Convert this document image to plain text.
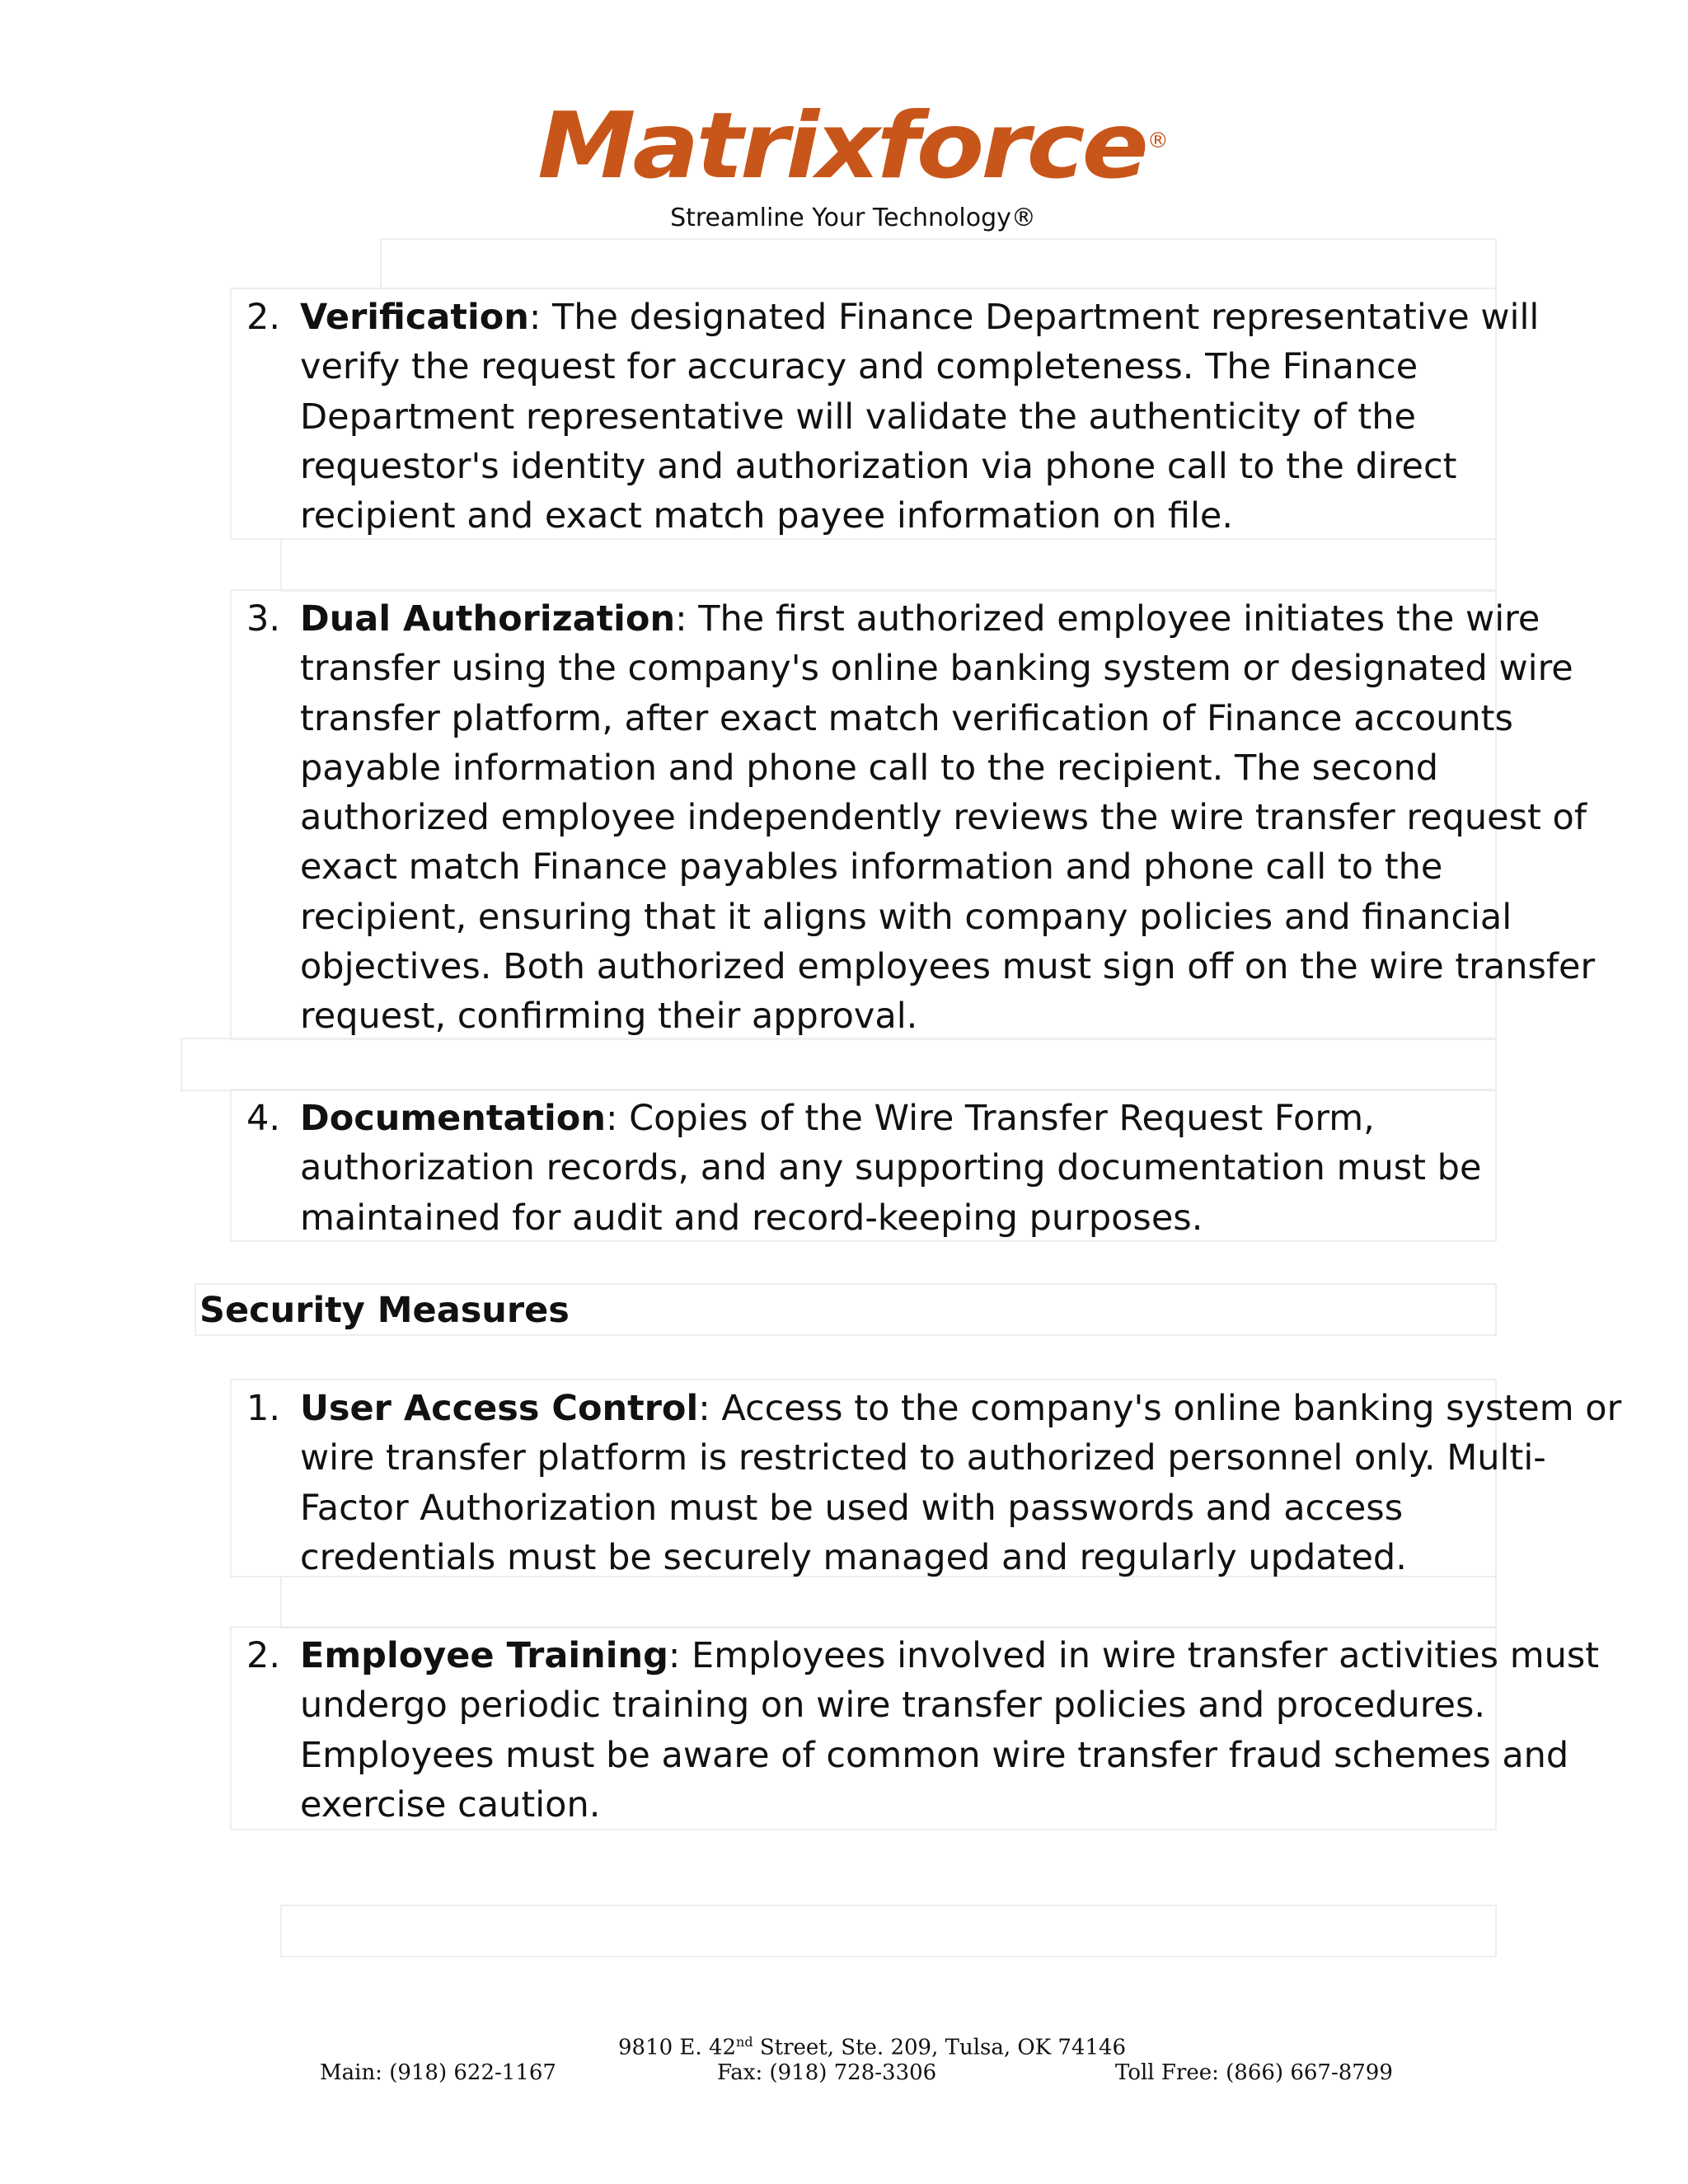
Matrixforce®
Streamline Your Technology®
2. Verification: The designated Finance Department representative will
verify the request for accuracy and completeness. The Finance
Department representative will validate the authenticity of the
requestor's identity and authorization via phone call to the direct
recipient and exact match payee information on file.
3. Dual Authorization: The first authorized employee initiates the wire
transfer using the company's online banking system or designated wire
transfer platform, after exact match verification of Finance accounts
payable information and phone call to the recipient. The second
authorized employee independently reviews the wire transfer request of
exact match Finance payables information and phone call to the
recipient, ensuring that it aligns with company policies and financial
objectives. Both authorized employees must sign off on the wire transfer
request, confirming their approval.
4. Documentation: Copies of the Wire Transfer Request Form,
authorization records, and any supporting documentation must be
maintained for audit and record-keeping purposes.
Security Measures
1. User Access Control: Access to the company's online banking system or
wire transfer platform is restricted to authorized personnel only. Multi-
Factor Authorization must be used with passwords and access
credentials must be securely managed and regularly updated.
2. Employee Training: Employees involved in wire transfer activities must
undergo periodic training on wire transfer policies and procedures.
Employees must be aware of common wire transfer fraud schemes and
exercise caution.
9810 E. 42nd Street, Ste. 209, Tulsa, OK 74146
Main: (918) 622-1167	Fax: (918) 728-3306	Toll Free: (866) 667-8799
